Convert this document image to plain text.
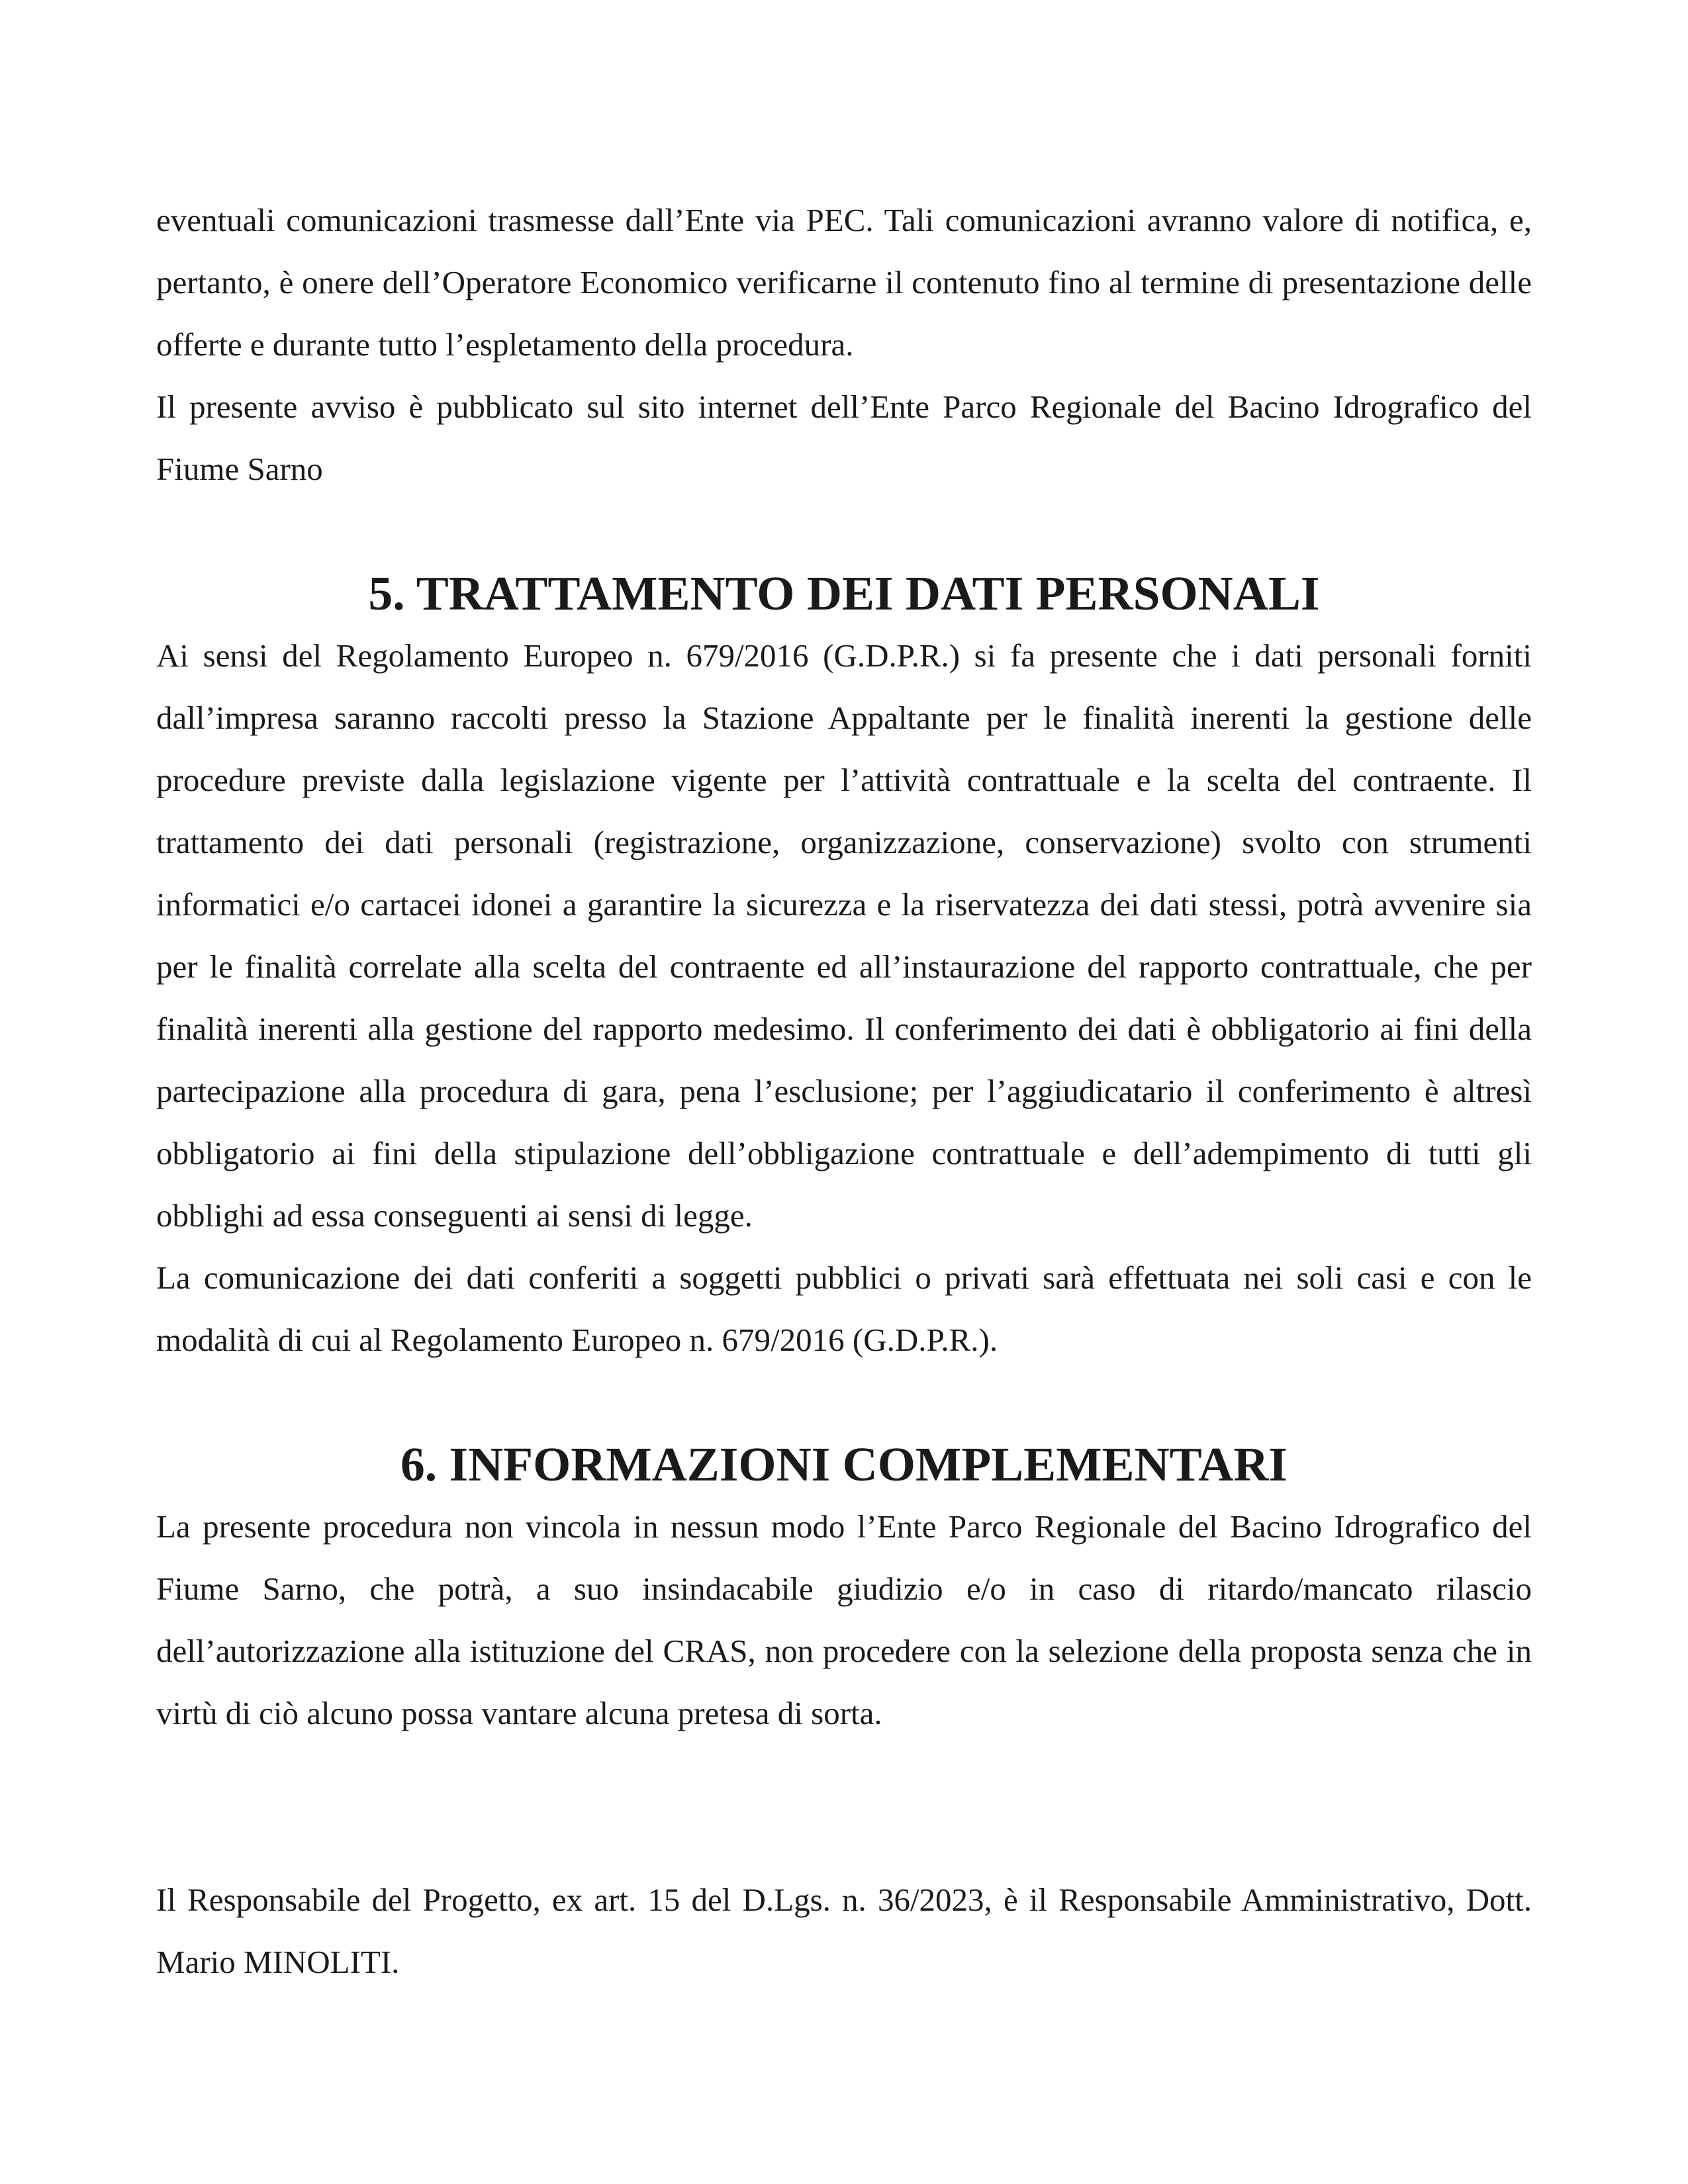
eventuali comunicazioni trasmesse dall’Ente via PEC. Tali comunicazioni avranno valore di notifica, e, pertanto, è onere dell’Operatore Economico verificarne il contenuto fino al termine di presentazione delle offerte e durante tutto l’espletamento della procedura.

Il presente avviso è pubblicato sul sito internet dell’Ente Parco Regionale del Bacino Idrografico del Fiume Sarno

5. TRATTAMENTO DEI DATI PERSONALI

Ai sensi del Regolamento Europeo n. 679/2016 (G.D.P.R.) si fa presente che i dati personali forniti dall’impresa saranno raccolti presso la Stazione Appaltante per le finalità inerenti la gestione delle procedure previste dalla legislazione vigente per l’attività contrattuale e la scelta del contraente. Il trattamento dei dati personali (registrazione, organizzazione, conservazione) svolto con strumenti informatici e/o cartacei idonei a garantire la sicurezza e la riservatezza dei dati stessi, potrà avvenire sia per le finalità correlate alla scelta del contraente ed all’instaurazione del rapporto contrattuale, che per finalità inerenti alla gestione del rapporto medesimo. Il conferimento dei dati è obbligatorio ai fini della partecipazione alla procedura di gara, pena l’esclusione; per l’aggiudicatario il conferimento è altresì obbligatorio ai fini della stipulazione dell’obbligazione contrattuale e dell’adempimento di tutti gli obblighi ad essa conseguenti ai sensi di legge.

La comunicazione dei dati conferiti a soggetti pubblici o privati sarà effettuata nei soli casi e con le modalità di cui al Regolamento Europeo n. 679/2016 (G.D.P.R.).

6. INFORMAZIONI COMPLEMENTARI

La presente procedura non vincola in nessun modo l’Ente Parco Regionale del Bacino Idrografico del Fiume Sarno, che potrà, a suo insindacabile giudizio e/o in caso di ritardo/mancato rilascio dell’autorizzazione alla istituzione del CRAS, non procedere con la selezione della proposta senza che in virtù di ciò alcuno possa vantare alcuna pretesa di sorta.

Il Responsabile del Progetto, ex art. 15 del D.Lgs. n. 36/2023, è il Responsabile Amministrativo, Dott. Mario MINOLITI.
